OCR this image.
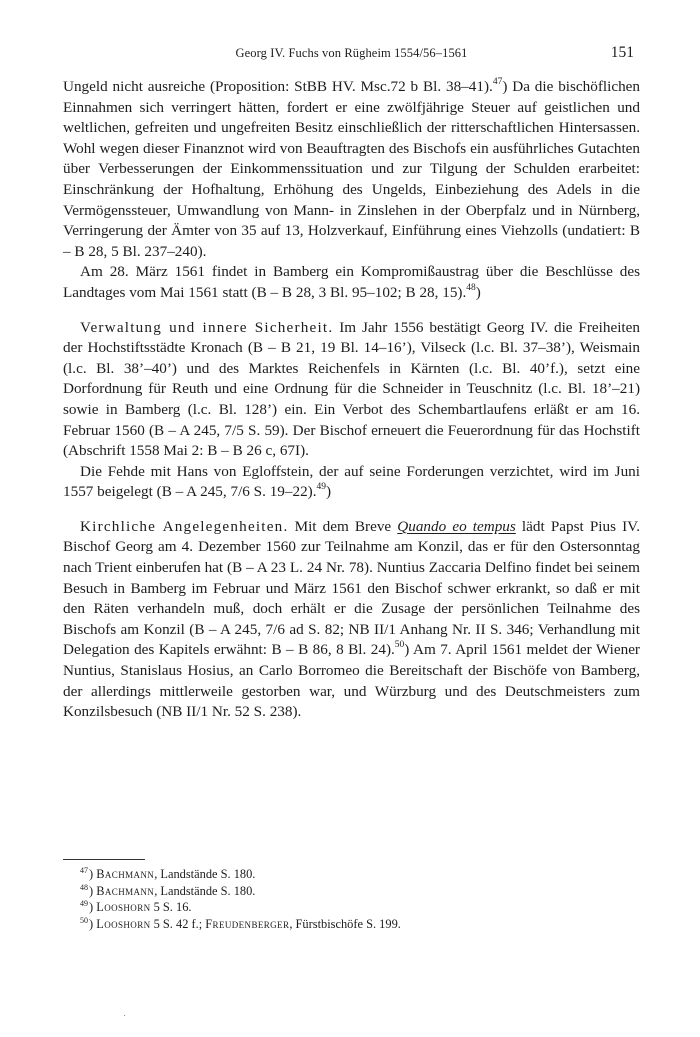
Georg IV. Fuchs von Rügheim 1554/56–1561	151

Ungeld nicht ausreiche (Proposition: StBB HV. Msc.72 b Bl. 38–41).$^{47}$) Da die bischöflichen Einnahmen sich verringert hätten, fordert er eine zwölfjährige Steuer auf geistlichen und weltlichen, gefreiten und ungefreiten Besitz einschließlich der ritterschaftlichen Hintersassen. Wohl wegen dieser Finanznot wird von Beauftragten des Bischofs ein ausführliches Gutachten über Verbesserungen der Einkommenssituation und zur Tilgung der Schulden erarbeitet: Einschränkung der Hofhaltung, Erhöhung des Ungelds, Einbeziehung des Adels in die Vermögenssteuer, Umwandlung von Mann- in Zinslehen in der Oberpfalz und in Nürnberg, Verringerung der Ämter von 35 auf 13, Holzverkauf, Einführung eines Viehzolls (undatiert: B – B 28, 5 Bl. 237–240).

Am 28. März 1561 findet in Bamberg ein Kompromißaustrag über die Beschlüsse des Landtages vom Mai 1561 statt (B – B 28, 3 Bl. 95–102; B 28, 15).$^{48}$)

Verwaltung und innere Sicherheit. Im Jahr 1556 bestätigt Georg IV. die Freiheiten der Hochstiftsstädte Kronach (B – B 21, 19 Bl. 14–16’), Vilseck (l.c. Bl. 37–38’), Weismain (l.c. Bl. 38’–40’) und des Marktes Reichenfels in Kärnten (l.c. Bl. 40’f.), setzt eine Dorfordnung für Reuth und eine Ordnung für die Schneider in Teuschnitz (l.c. Bl. 18’–21) sowie in Bamberg (l.c. Bl. 128’) ein. Ein Verbot des Schembartlaufens erläßt er am 16. Februar 1560 (B – A 245, 7/5 S. 59). Der Bischof erneuert die Feuerordnung für das Hochstift (Abschrift 1558 Mai 2: B – B 26 c, 67I).

Die Fehde mit Hans von Egloffstein, der auf seine Forderungen verzichtet, wird im Juni 1557 beigelegt (B – A 245, 7/6 S. 19–22).$^{49}$)

Kirchliche Angelegenheiten. Mit dem Breve Quando eo tempus lädt Papst Pius IV. Bischof Georg am 4. Dezember 1560 zur Teilnahme am Konzil, das er für den Ostersonntag nach Trient einberufen hat (B – A 23 L. 24 Nr. 78). Nuntius Zaccaria Delfino findet bei seinem Besuch in Bamberg im Februar und März 1561 den Bischof schwer erkrankt, so daß er mit den Räten verhandeln muß, doch erhält er die Zusage der persönlichen Teilnahme des Bischofs am Konzil (B – A 245, 7/6 ad S. 82; NB II/1 Anhang Nr. II S. 346; Verhandlung mit Delegation des Kapitels erwähnt: B – B 86, 8 Bl. 24).$^{50}$) Am 7. April 1561 meldet der Wiener Nuntius, Stanislaus Hosius, an Carlo Borromeo die Bereitschaft der Bischöfe von Bamberg, der allerdings mittlerweile gestorben war, und Würzburg und des Deutschmeisters zum Konzilsbesuch (NB II/1 Nr. 52 S. 238).

$^{47}$) Bachmann, Landstände S. 180.
$^{48}$) Bachmann, Landstände S. 180.
$^{49}$) Looshorn 5 S. 16.
$^{50}$) Looshorn 5 S. 42 f.; Freudenberger, Fürstbischöfe S. 199.
